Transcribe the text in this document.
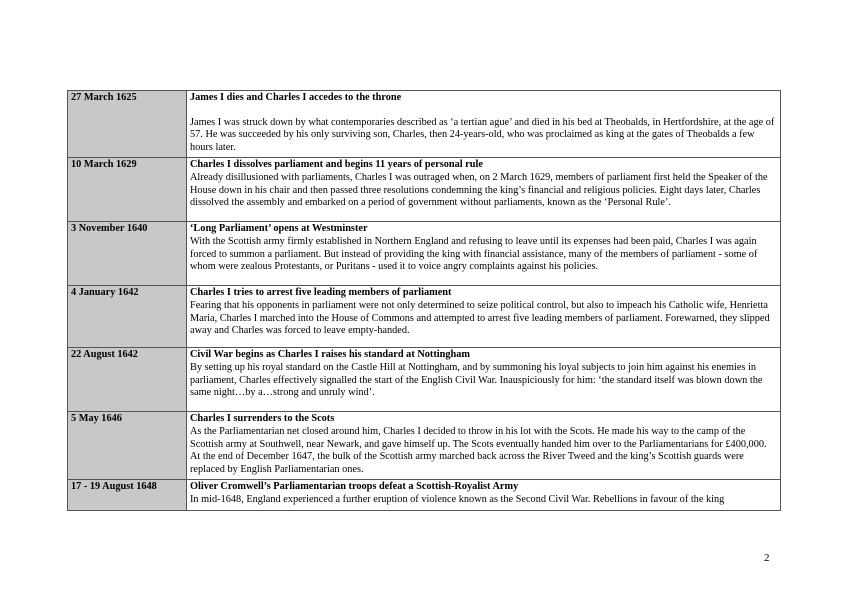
27 March 1625	James I dies and Charles I accedes to the throne
James I was struck down by what contemporaries described as ‘a tertian ague’ and died in his bed at Theobalds, in Hertfordshire, at the age of 57. He was succeeded by his only surviving son, Charles, then 24-years-old, who was proclaimed as king at the gates of Theobalds a few hours later.

10 March 1629	Charles I dissolves parliament and begins 11 years of personal rule
Already disillusioned with parliaments, Charles I was outraged when, on 2 March 1629, members of parliament first held the Speaker of the House down in his chair and then passed three resolutions condemning the king’s financial and religious policies. Eight days later, Charles dissolved the assembly and embarked on a period of government without parliaments, known as the ‘Personal Rule’.

3 November 1640	‘Long Parliament’ opens at Westminster
With the Scottish army firmly established in Northern England and refusing to leave until its expenses had been paid, Charles I was again forced to summon a parliament. But instead of providing the king with financial assistance, many of the members of parliament - some of whom were zealous Protestants, or Puritans - used it to voice angry complaints against his policies.

4 January 1642	Charles I tries to arrest five leading members of parliament
Fearing that his opponents in parliament were not only determined to seize political control, but also to impeach his Catholic wife, Henrietta Maria, Charles I marched into the House of Commons and attempted to arrest five leading members of parliament. Forewarned, they slipped away and Charles was forced to leave empty-handed.

22 August 1642	Civil War begins as Charles I raises his standard at Nottingham
By setting up his royal standard on the Castle Hill at Nottingham, and by summoning his loyal subjects to join him against his enemies in parliament, Charles effectively signalled the start of the English Civil War. Inauspiciously for him: ‘the standard itself was blown down the same night…by a…strong and unruly wind’.

5 May 1646	Charles I surrenders to the Scots
As the Parliamentarian net closed around him, Charles I decided to throw in his lot with the Scots. He made his way to the camp of the Scottish army at Southwell, near Newark, and gave himself up. The Scots eventually handed him over to the Parliamentarians for £400,000. At the end of December 1647, the bulk of the Scottish army marched back across the River Tweed and the king’s Scottish guards were replaced by English Parliamentarian ones.

17 - 19 August 1648	Oliver Cromwell’s Parliamentarian troops defeat a Scottish-Royalist Army
In mid-1648, England experienced a further eruption of violence known as the Second Civil War. Rebellions in favour of the king
2
